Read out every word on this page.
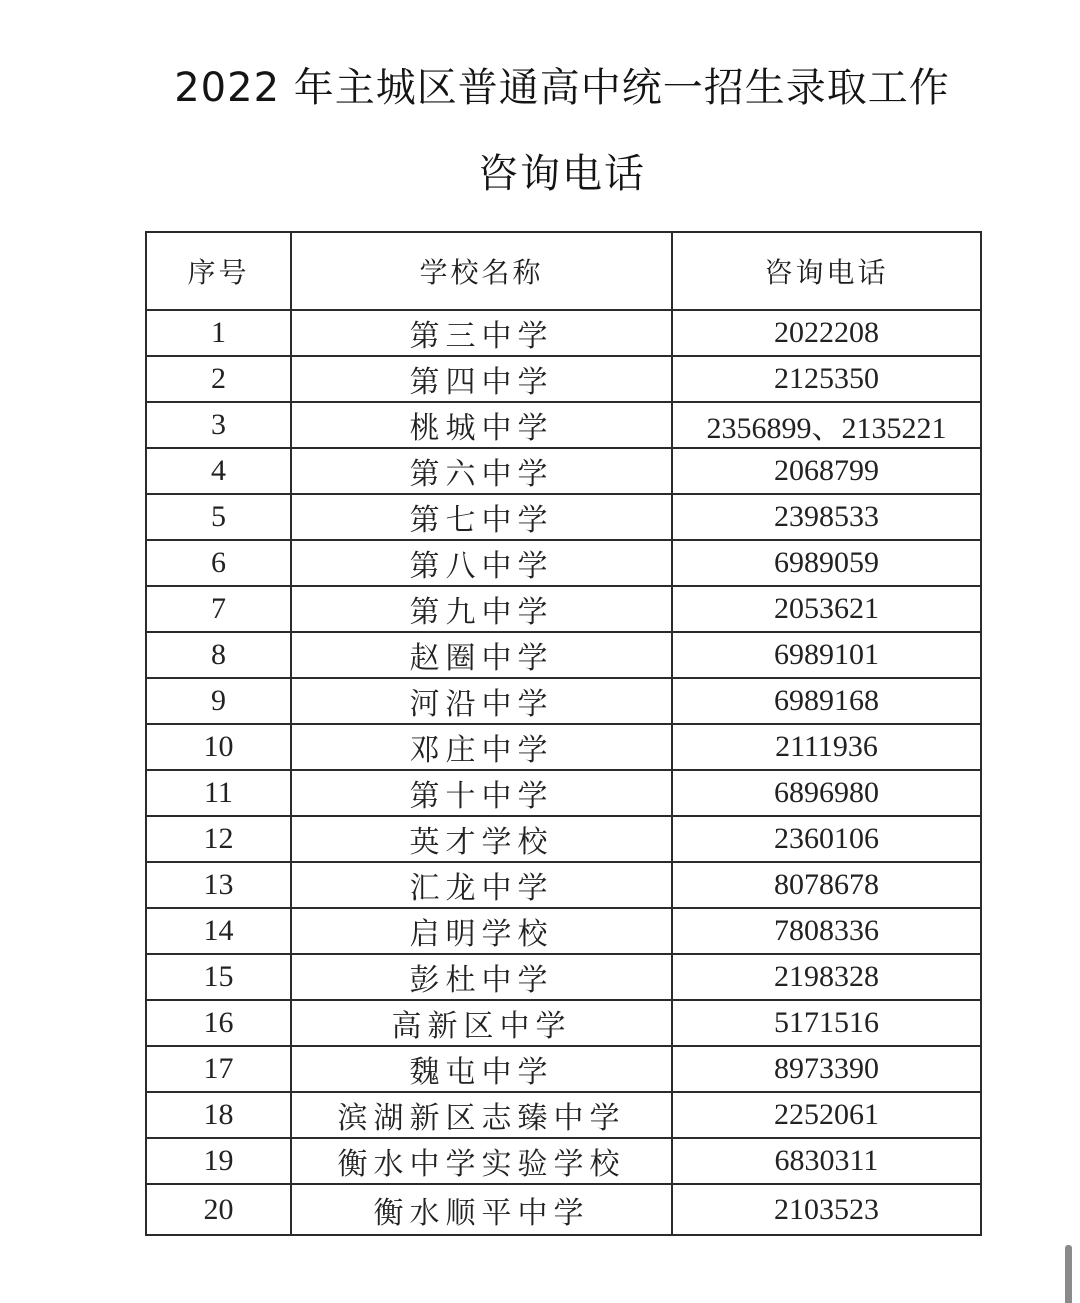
2022 年主城区普通高中统一招生录取工作
咨询电话
序号	学校名称	咨询电话
1	第三中学	2022208
2	第四中学	2125350
3	桃城中学	2356899、2135221
4	第六中学	2068799
5	第七中学	2398533
6	第八中学	6989059
7	第九中学	2053621
8	赵圈中学	6989101
9	河沿中学	6989168
10	邓庄中学	2111936
11	第十中学	6896980
12	英才学校	2360106
13	汇龙中学	8078678
14	启明学校	7808336
15	彭杜中学	2198328
16	高新区中学	5171516
17	魏屯中学	8973390
18	滨湖新区志臻中学	2252061
19	衡水中学实验学校	6830311
20	衡水顺平中学	2103523
